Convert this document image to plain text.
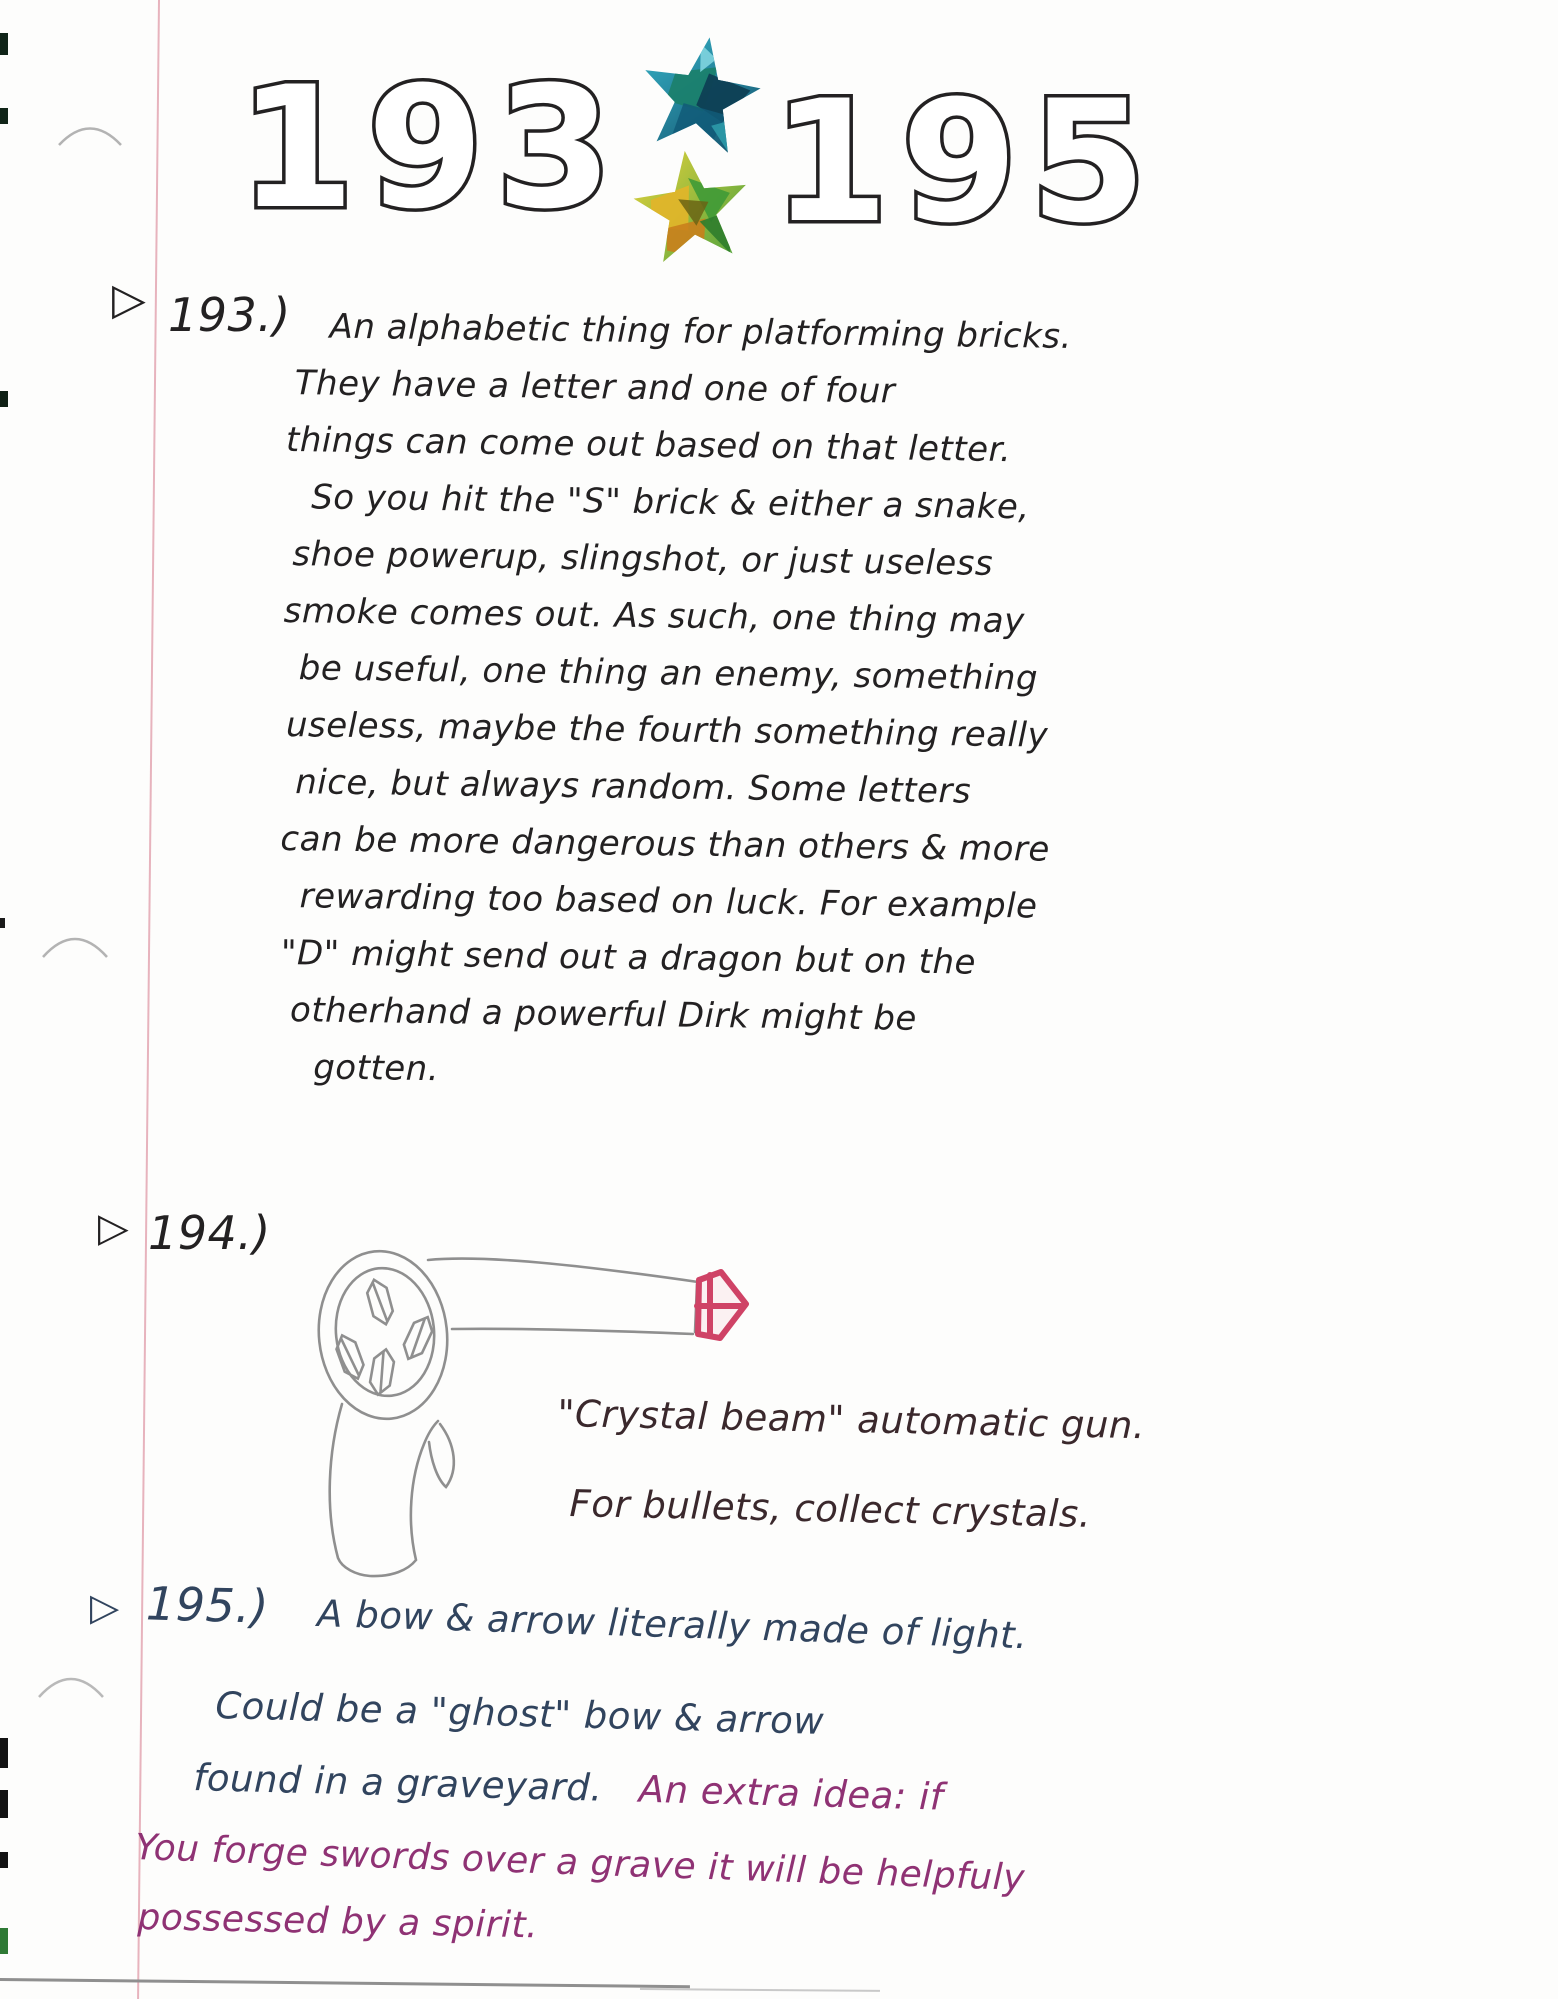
193 195
▷ 193.) An alphabetic thing for platforming bricks.
They have a letter and one of four
things can come out based on that letter.
So you hit the "S" brick & either a snake,
shoe powerup, slingshot, or just useless
smoke comes out. As such, one thing may
be useful, one thing an enemy, something
useless, maybe the fourth something really
nice, but always random. Some letters
can be more dangerous than others & more
rewarding too based on luck. For example
"D" might send out a dragon but on the
otherhand a powerful Dirk might be
gotten.
▷ 194.)
"Crystal beam" automatic gun.
For bullets, collect crystals.
▷ 195.) A bow & arrow literally made of light.
Could be a "ghost" bow & arrow
found in a graveyard. An extra idea: if
You forge swords over a grave it will be helpfuly
possessed by a spirit.
